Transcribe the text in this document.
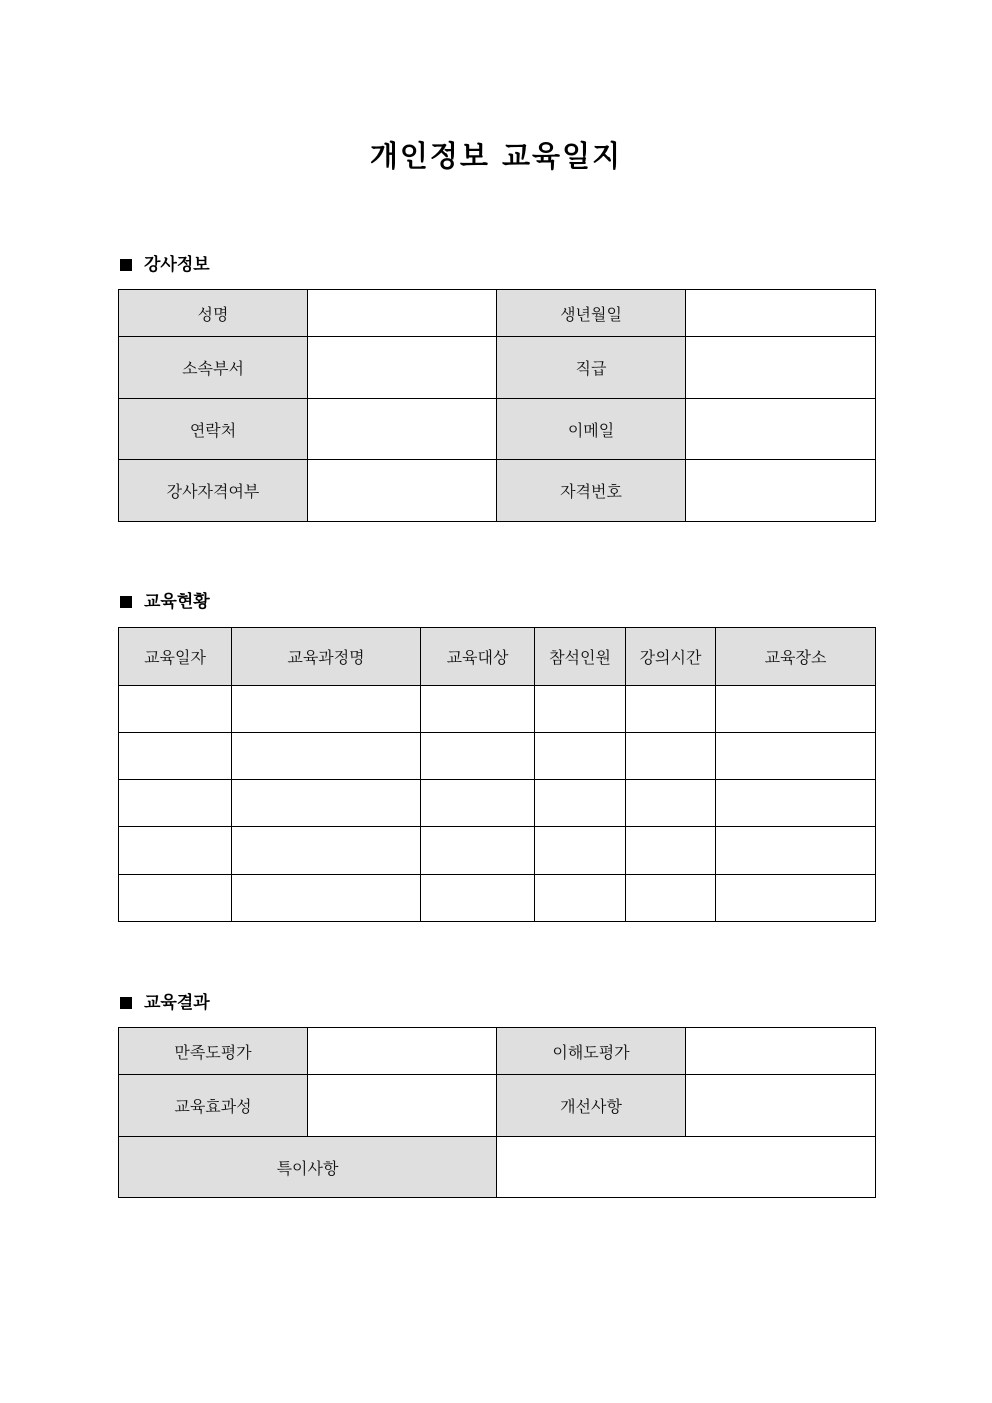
개인정보 교육일지
강사정보
성명		생년월일	
소속부서		직급	
연락처		이메일	
강사자격여부		자격번호	
교육현황
교육일자	교육과정명	교육대상	참석인원	강의시간	교육장소

교육결과
만족도평가		이해도평가	
교육효과성		개선사항	
특이사항			
